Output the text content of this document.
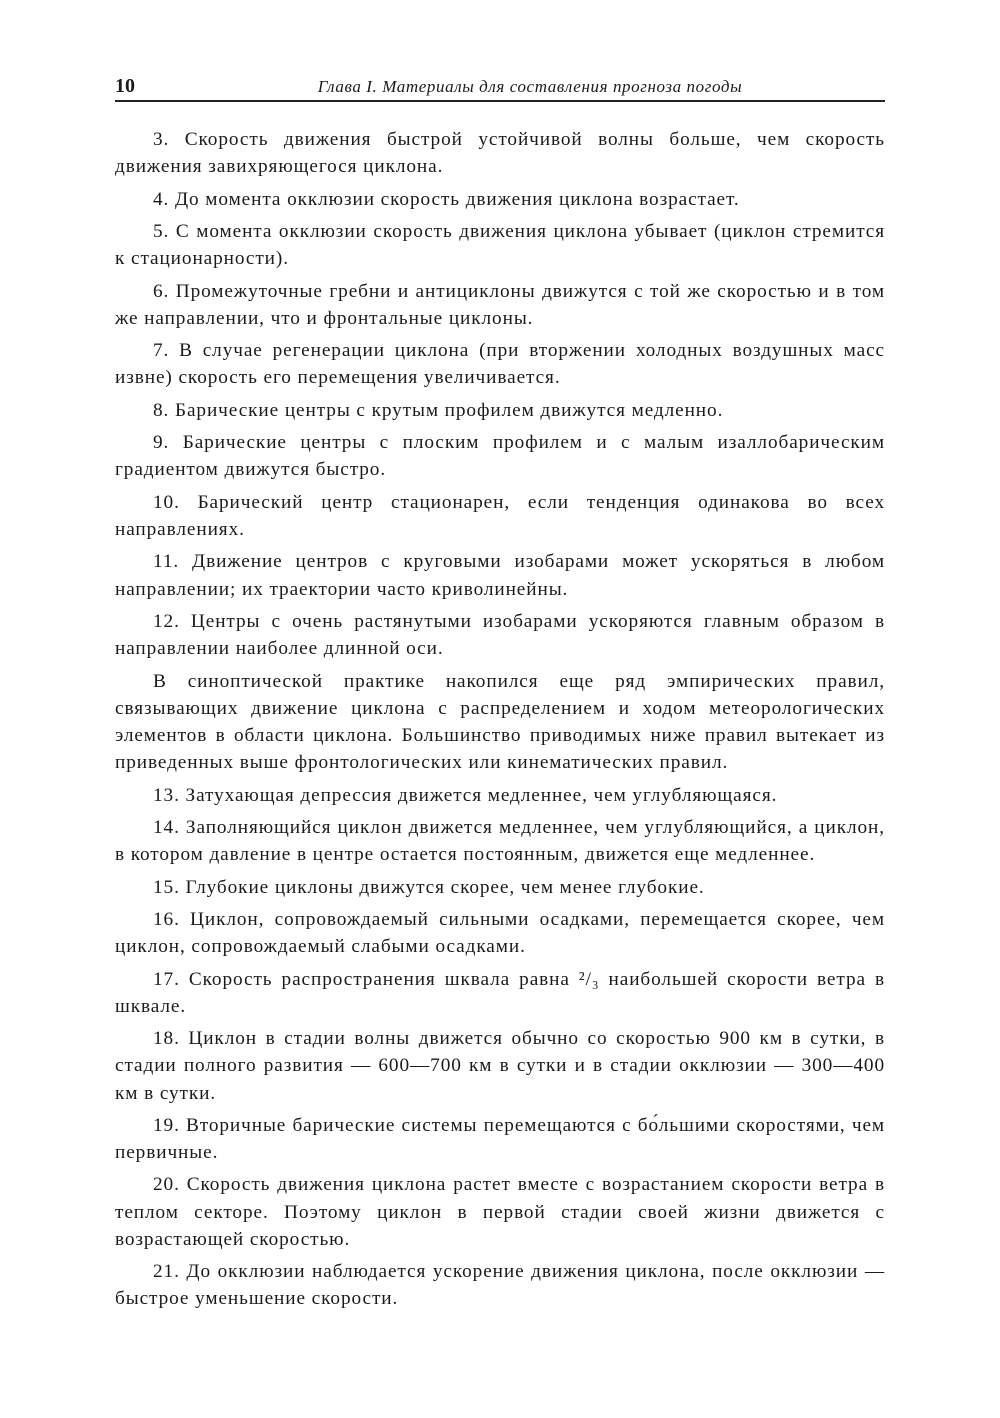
10	Глава I. Материалы для составления прогноза погоды

3. Скорость движения быстрой устойчивой волны больше, чем скорость движения завихряющегося циклона.

4. До момента окклюзии скорость движения циклона возрастает.

5. С момента окклюзии скорость движения циклона убывает (циклон стремится к стационарности).

6. Промежуточные гребни и антициклоны движутся с той же скоростью и в том же направлении, что и фронтальные циклоны.

7. В случае регенерации циклона (при вторжении холодных воздушных масс извне) скорость его перемещения увеличивается.

8. Барические центры с крутым профилем движутся медленно.

9. Барические центры с плоским профилем и с малым изаллобарическим градиентом движутся быстро.

10. Барический центр стационарен, если тенденция одинакова во всех направлениях.

11. Движение центров с круговыми изобарами может ускоряться в любом направлении; их траектории часто криволинейны.

12. Центры с очень растянутыми изобарами ускоряются главным образом в направлении наиболее длинной оси.

В синоптической практике накопился еще ряд эмпирических правил, связывающих движение циклона с распределением и ходом метеорологических элементов в области циклона. Большинство приводимых ниже правил вытекает из приведенных выше фронтологических или кинематических правил.

13. Затухающая депрессия движется медленнее, чем углубляющаяся.

14. Заполняющийся циклон движется медленнее, чем углубляющийся, а циклон, в котором давление в центре остается постоянным, движется еще медленнее.

15. Глубокие циклоны движутся скорее, чем менее глубокие.

16. Циклон, сопровождаемый сильными осадками, перемещается скорее, чем циклон, сопровождаемый слабыми осадками.

17. Скорость распространения шквала равна ²/₃ наибольшей скорости ветра в шквале.

18. Циклон в стадии волны движется обычно со скоростью 900 км в сутки, в стадии полного развития — 600—700 км в сутки и в стадии окклюзии — 300—400 км в сутки.

19. Вторичные барические системы перемещаются с бо́льшими скоростями, чем первичные.

20. Скорость движения циклона растет вместе с возрастанием скорости ветра в теплом секторе. Поэтому циклон в первой стадии своей жизни движется с возрастающей скоростью.

21. До окклюзии наблюдается ускорение движения циклона, после окклюзии — быстрое уменьшение скорости.
